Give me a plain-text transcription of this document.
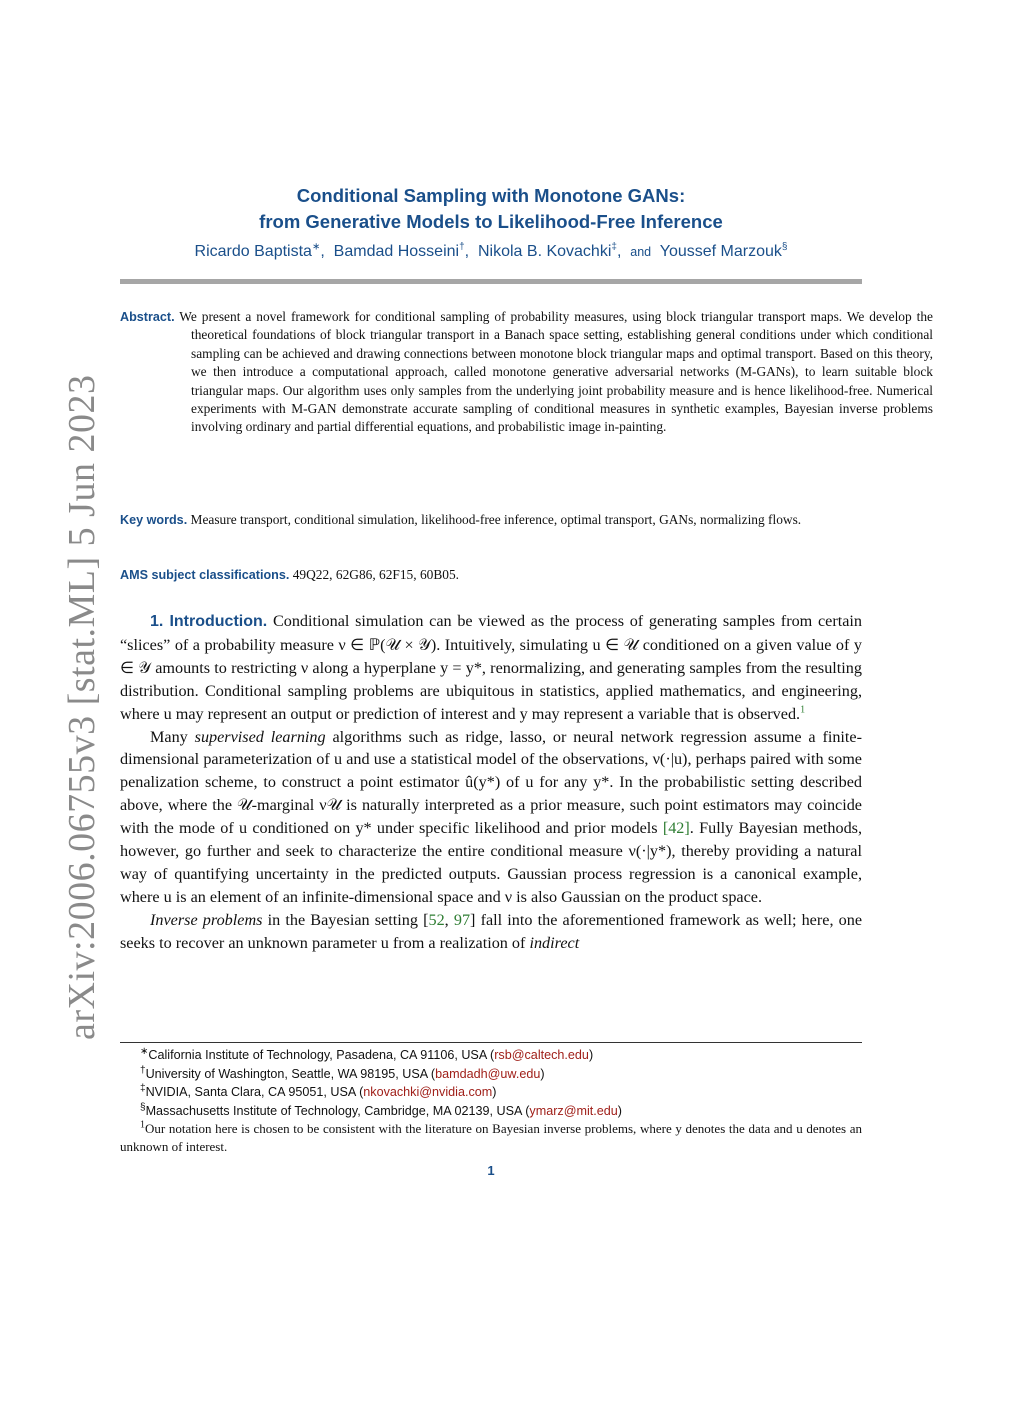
arXiv:2006.06755v3 [stat.ML] 5 Jun 2023
Conditional Sampling with Monotone GANs:
from Generative Models to Likelihood-Free Inference
Ricardo Baptista∗,  Bamdad Hosseini†,  Nikola B. Kovachki‡,  and Youssef Marzouk§
Abstract. We present a novel framework for conditional sampling of probability measures, using block triangular transport maps. We develop the theoretical foundations of block triangular transport in a Banach space setting, establishing general conditions under which conditional sampling can be achieved and drawing connections between monotone block triangular maps and optimal transport. Based on this theory, we then introduce a computational approach, called monotone generative adversarial networks (M-GANs), to learn suitable block triangular maps. Our algorithm uses only samples from the underlying joint probability measure and is hence likelihood-free. Numerical experiments with M-GAN demonstrate accurate sampling of conditional measures in synthetic examples, Bayesian inverse problems involving ordinary and partial differential equations, and probabilistic image in-painting.
Key words. Measure transport, conditional simulation, likelihood-free inference, optimal transport, GANs, normalizing flows.
AMS subject classifications. 49Q22, 62G86, 62F15, 60B05.

1. Introduction. Conditional simulation can be viewed as the process of generating samples from certain “slices” of a probability measure ν ∈ ℙ(𝒰 × 𝒴). Intuitively, simulating u ∈ 𝒰 conditioned on a given value of y ∈ 𝒴 amounts to restricting ν along a hyperplane y = y*, renormalizing, and generating samples from the resulting distribution. Conditional sampling problems are ubiquitous in statistics, applied mathematics, and engineering, where u may represent an output or prediction of interest and y may represent a variable that is observed.$^1$

Many supervised learning algorithms such as ridge, lasso, or neural network regression assume a finite-dimensional parameterization of u and use a statistical model of the observations, ν(·|u), perhaps paired with some penalization scheme, to construct a point estimator û(y*) of u for any y*. In the probabilistic setting described above, where the 𝒰-marginal ν𝒰 is naturally interpreted as a prior measure, such point estimators may coincide with the mode of u conditioned on y* under specific likelihood and prior models [42]. Fully Bayesian methods, however, go further and seek to characterize the entire conditional measure ν(·|y*), thereby providing a natural way of quantifying uncertainty in the predicted outputs. Gaussian process regression is a canonical example, where u is an element of an infinite-dimensional space and ν is also Gaussian on the product space.

Inverse problems in the Bayesian setting [52, 97] fall into the aforementioned framework as well; here, one seeks to recover an unknown parameter u from a realization of indirect

∗California Institute of Technology, Pasadena, CA 91106, USA (rsb@caltech.edu)
†University of Washington, Seattle, WA 98195, USA (bamdadh@uw.edu)
‡NVIDIA, Santa Clara, CA 95051, USA (nkovachki@nvidia.com)
§Massachusetts Institute of Technology, Cambridge, MA 02139, USA (ymarz@mit.edu)
$^1$Our notation here is chosen to be consistent with the literature on Bayesian inverse problems, where y denotes the data and u denotes an unknown of interest.
1
